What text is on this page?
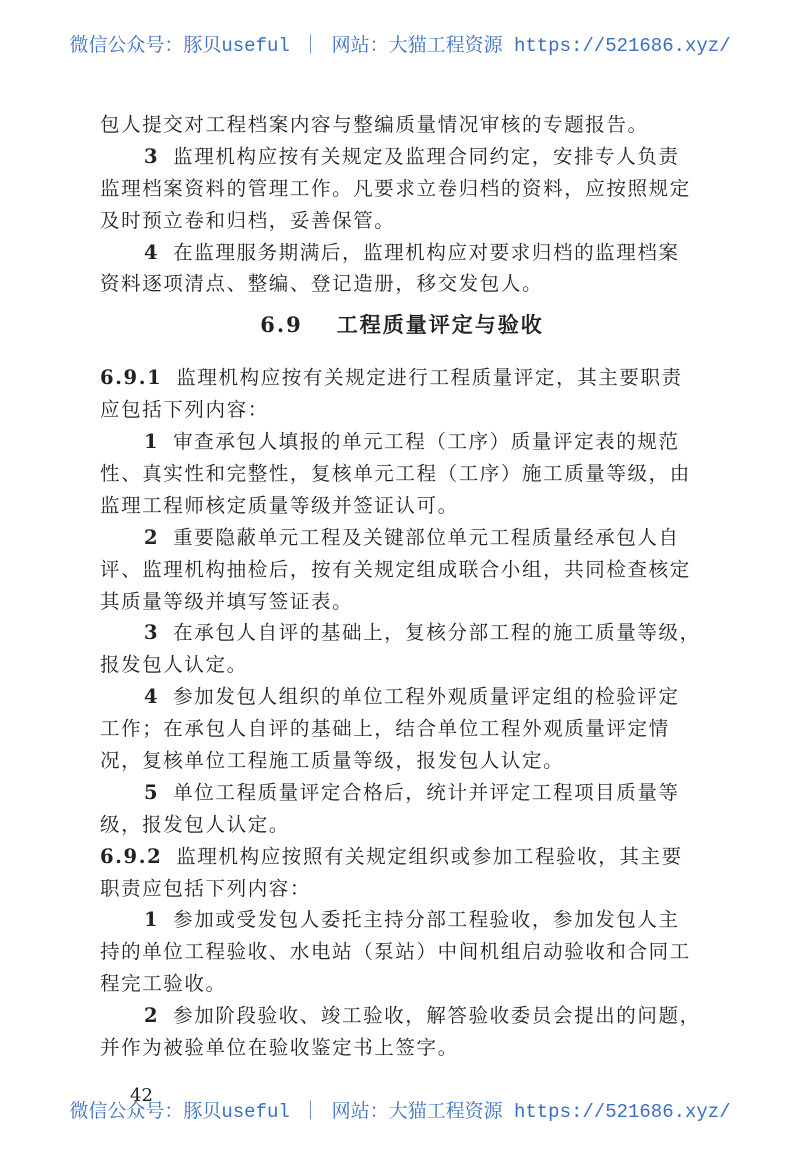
微信公众号：豚贝useful ｜ 网站：大猫工程资源 https://521686.xyz/
包人提交对工程档案内容与整编质量情况审核的专题报告。
3 监理机构应按有关规定及监理合同约定，安排专人负责
监理档案资料的管理工作。凡要求立卷归档的资料，应按照规定
及时预立卷和归档，妥善保管。
4 在监理服务期满后，监理机构应对要求归档的监理档案
资料逐项清点、整编、登记造册，移交发包人。
6.9 工程质量评定与验收
6.9.1 监理机构应按有关规定进行工程质量评定，其主要职责
应包括下列内容：
1 审查承包人填报的单元工程（工序）质量评定表的规范
性、真实性和完整性，复核单元工程（工序）施工质量等级，由
监理工程师核定质量等级并签证认可。
2 重要隐蔽单元工程及关键部位单元工程质量经承包人自
评、监理机构抽检后，按有关规定组成联合小组，共同检查核定
其质量等级并填写签证表。
3 在承包人自评的基础上，复核分部工程的施工质量等级，
报发包人认定。
4 参加发包人组织的单位工程外观质量评定组的检验评定
工作；在承包人自评的基础上，结合单位工程外观质量评定情
况，复核单位工程施工质量等级，报发包人认定。
5 单位工程质量评定合格后，统计并评定工程项目质量等
级，报发包人认定。
6.9.2 监理机构应按照有关规定组织或参加工程验收，其主要
职责应包括下列内容：
1 参加或受发包人委托主持分部工程验收，参加发包人主
持的单位工程验收、水电站（泵站）中间机组启动验收和合同工
程完工验收。
2 参加阶段验收、竣工验收，解答验收委员会提出的问题，
并作为被验单位在验收鉴定书上签字。
42
微信公众号：豚贝useful ｜ 网站：大猫工程资源 https://521686.xyz/
